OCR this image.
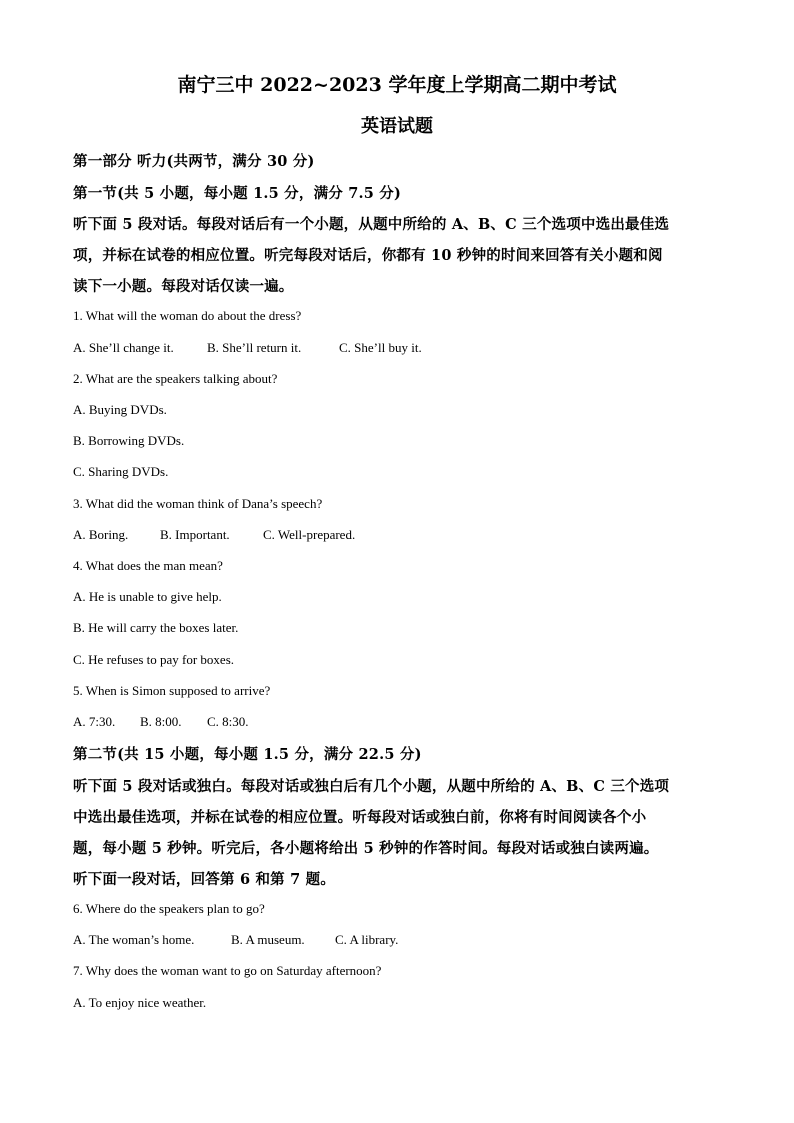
南宁三中 2022~2023 学年度上学期高二期中考试
英语试题
第一部分 听力(共两节，满分 30 分)
第一节(共 5 小题，每小题 1.5 分，满分 7.5 分)
听下面 5 段对话。每段对话后有一个小题，从题中所给的 A、B、C 三个选项中选出最佳选
项，并标在试卷的相应位置。听完每段对话后，你都有 10 秒钟的时间来回答有关小题和阅
读下一小题。每段对话仅读一遍。
1. What will the woman do about the dress?
A. She’ll change it.	B. She’ll return it.	C. She’ll buy it.
2. What are the speakers talking about?
A. Buying DVDs.
B. Borrowing DVDs.
C. Sharing DVDs.
3. What did the woman think of Dana’s speech?
A. Boring. B. Important.	C. Well-prepared.
4. What does the man mean?
A. He is unable to give help.
B. He will carry the boxes later.
C. He refuses to pay for boxes.
5. When is Simon supposed to arrive?
A. 7:30. B. 8:00. C. 8:30.
第二节(共 15 小题，每小题 1.5 分，满分 22.5 分)
听下面 5 段对话或独白。每段对话或独白后有几个小题，从题中所给的 A、B、C 三个选项
中选出最佳选项，并标在试卷的相应位置。听每段对话或独白前，你将有时间阅读各个小
题，每小题 5 秒钟。听完后，各小题将给出 5 秒钟的作答时间。每段对话或独白读两遍。
听下面一段对话，回答第 6 和第 7 题。
6. Where do the speakers plan to go?
A. The woman’s home.	B. A museum. C. A library.
7. Why does the woman want to go on Saturday afternoon?
A. To enjoy nice weather.
